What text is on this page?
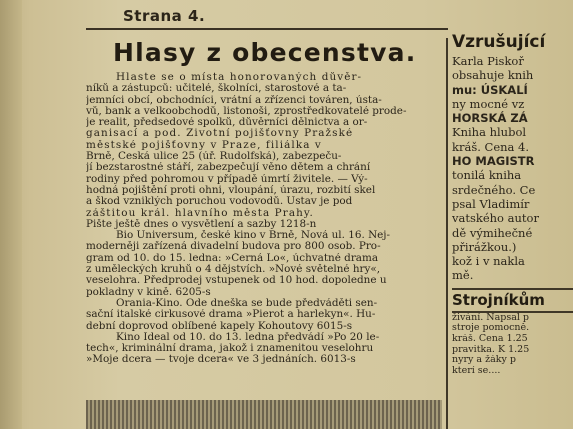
Strana 4.
Hlasy z obecenstva.
Hlaste se o místa honorovaných důvěr-
níků a zástupců: učitelé, školníci, starostové a ta-
jemníci obcí, obchodníci, vrátní a zřízenci továren, ústa-
vů, bank a velkoobchodů, listonoši, zprostředkovatelé prode-
je realit, předsedové spolků, důvěrníci dělnictva a or-
ganisací a pod. Životní pojišťovny Pražské
městské pojišťovny v Praze, filiálka v
Brně, Česká ulice 25 (úř. Rudolfská), zabezpeču-
jí bezstarostné stáří, zabezpečují věno dětem a chrání
rodiny před pohromou v případě úmrtí živitele. — Vý-
hodná pojištění proti ohni, vloupání, úrazu, rozbití skel
a škod vzniklých poruchou vodovodů. Ústav je pod
záštitou král. hlavního města Prahy.
Pište ještě dnes o vysvětlení a sazby 1218-n
Bio Universum, české kino v Brně, Nová ul. 16. Nej-
moderněji zařízená divadelní budova pro 800 osob. Pro-
gram od 10. do 15. ledna: »Černá Lo«, úchvatné drama
z uměleckých kruhů o 4 dějstvích. »Nové světelné hry«,
veselohra. Předprodej vstupenek od 10 hod. dopoledne u
pokladny v kině. 6205-s
Orania-Kino. Ode dneška se bude předváděti sen-
sační italské cirkusové drama »Pierot a harlekyn«. Hu-
dební doprovod oblíbené kapely Kohoutovy 6015-s
Kino Ideal od 10. do 13. ledna předvádí »Po 20 le-
tech«, kriminální drama, jakož i znamenitou veselohru
»Moje dcera — tvoje dcera« ve 3 jednáních. 6013-s
Vzrušující
Karla Piskoř
obsahuje knih
mu: ÚSKALÍ
ny mocné vz
HORSKÁ ZÁ
Kniha hlubol
kráš. Cena 4.
HO MAGISTR
tonilá kniha
srdečného. Ce
psal Vladimír
vatského autor
dě výmihečné
přirážkou.)
kož i v nakla
mě.
Strojníkům
živání. Napsal p
stroje pomocně.
kráš. Cena 1.25
pravitka. K 1.25
nyry a žáky p
kterí se....
